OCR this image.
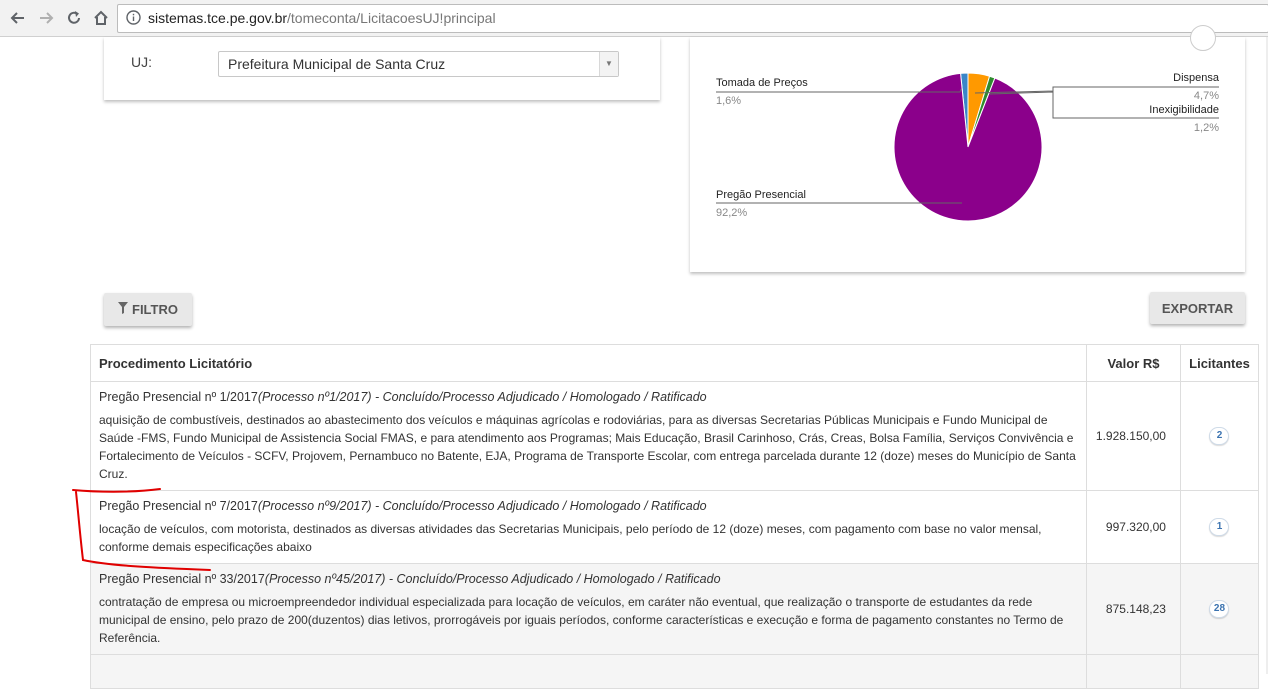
sistemas.tce.pe.gov.br/tomeconta/LicitacoesUJ!principal
UJ:	Prefeitura Municipal de Santa Cruz	▼
Tomada de Preços
1,6%
Dispensa
4,7%
Inexigibilidade
1,2%
Pregão Presencial
92,2%
FILTRO	EXPORTAR
Procedimento Licitatório	Valor R$	Licitantes

Pregão Presencial nº 1/2017(Processo nº1/2017) - Concluído/Processo Adjudicado / Homologado / Ratificado
aquisição de combustíveis, destinados ao abastecimento dos veículos e máquinas agrícolas e rodoviárias, para as diversas Secretarias Públicas Municipais e Fundo Municipal de Saúde -FMS, Fundo Municipal de Assistencia Social FMAS, e para atendimento aos Programas; Mais Educação, Brasil Carinhoso, Crás, Creas, Bolsa Família, Serviços Convivência e Fortalecimento de Veículos - SCFV, Projovem, Pernambuco no Batente, EJA, Programa de Transporte Escolar, com entrega parcelada durante 12 (doze) meses do Município de Santa Cruz.	1.928.150,00	2

Pregão Presencial nº 7/2017(Processo nº9/2017) - Concluído/Processo Adjudicado / Homologado / Ratificado
locação de veículos, com motorista, destinados as diversas atividades das Secretarias Municipais, pelo período de 12 (doze) meses, com pagamento com base no valor mensal, conforme demais especificações abaixo	997.320,00	1

Pregão Presencial nº 33/2017(Processo nº45/2017) - Concluído/Processo Adjudicado / Homologado / Ratificado
contratação de empresa ou microempreendedor individual especializada para locação de veículos, em caráter não eventual, que realização o transporte de estudantes da rede municipal de ensino, pelo prazo de 200(duzentos) dias letivos, prorrogáveis por iguais períodos, conforme características e execução e forma de pagamento constantes no Termo de Referência.	875.148,23	28
